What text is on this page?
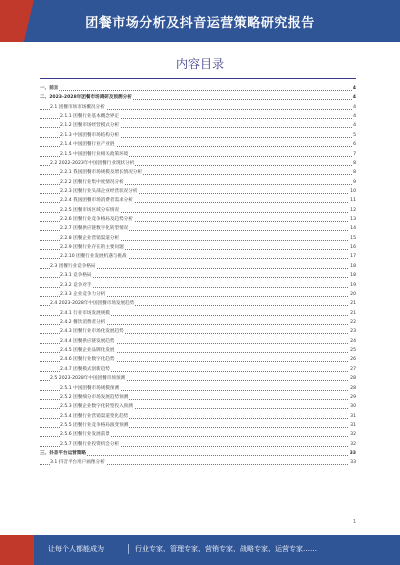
团餐市场分析及抖音运营策略研究报告
内容目录
一、前言	4
二、2023-2028年团餐市场调研及预测分析	4
2.1 团餐市场市场概况分析	4
2.1.1 团餐行业基本概念界定	4
2.1.2 团餐市场经营模式分析	4
2.1.3 中国团餐市场结构分析	5
2.1.4 中国团餐行业产业链	6
2.1.5 中国团餐行业相关政策环境	7
2.2 2022-2023年中国团餐行业现状分析	8
2.2.1 我国团餐市场规模及增长情况分析	8
2.2.2 团餐行业集中度情况分析	9
2.2.3 团餐行业头部企业经营状况分析	10
2.2.4 我国团餐市场消费者需求分析	11
2.2.5 团餐市场区域分布情况	12
2.2.6 团餐行业竞争格局及趋势分析	13
2.2.7 团餐供应链数字化转型情况	14
2.2.8 团餐企业营销渠道分析	15
2.2.9 团餐行业存在的主要问题	16
2.2.10 团餐行业发展机遇与挑战	17
2.3 团餐行业竞争格局	18
2.3.1 竞争格局	18
2.3.2 竞争对手	19
2.3.3 企业竞争力分析	20
2.4 2023-2028年中国团餐市场发展趋势	21
2.4.1 行业市场发展规模	21
2.4.2 餐饮消费者分析	22
2.4.3 团餐行业市场化发展趋势	23
2.4.4 团餐供应链发展趋势	24
2.4.5 团餐企业品牌化发展	25
2.4.6 团餐行业数字化趋势	26
2.4.7 团餐模式创新趋势	27
2.5 2023-2028年中国团餐市场预测	28
2.5.1 中国团餐市场规模预测	28
2.5.2 团餐细分市场发展趋势预测	29
2.5.3 团餐企业数字化转型投入预测	30
2.5.4 团餐行业营销渠道变化趋势	31
2.5.5 团餐行业竞争格局演变预测	31
2.5.6 团餐行业发展前景	32
2.5.7 团餐行业投资机会分析	32
三、抖音平台运营策略	33
3.1 抖音平台用户画像分析	33
让每个人都能成为	行业专家、管理专家、营销专家、战略专家、运营专家……
1
